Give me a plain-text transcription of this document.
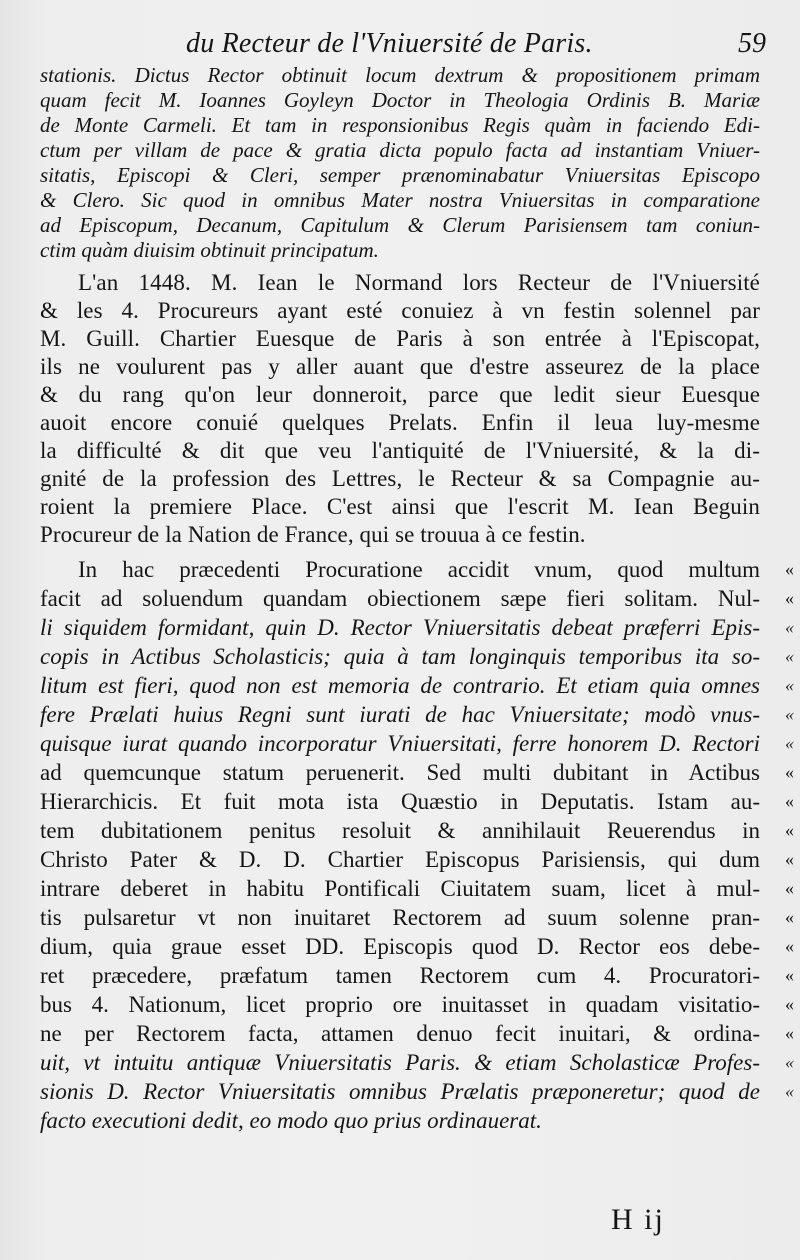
du Recteur de l'Vniuersité de Paris.	59
stationis. Dictus Rector obtinuit locum dextrum & propositionem primam
quam fecit M. Ioannes Goyleyn Doctor in Theologia Ordinis B. Mariæ
de Monte Carmeli. Et tam in responsionibus Regis quàm in faciendo Edi-
ctum per villam de pace & gratia dicta populo facta ad instantiam Vniuer-
sitatis, Episcopi & Cleri, semper prænominabatur Vniuersitas Episcopo
& Clero. Sic quod in omnibus Mater nostra Vniuersitas in comparatione
ad Episcopum, Decanum, Capitulum & Clerum Parisiensem tam coniun-
ctim quàm diuisim obtinuit principatum.
L'an 1448. M. Iean le Normand lors Recteur de l'Vniuersité
& les 4. Procureurs ayant esté conuiez à vn festin solennel par
M. Guill. Chartier Euesque de Paris à son entrée à l'Episcopat,
ils ne voulurent pas y aller auant que d'estre asseurez de la place
& du rang qu'on leur donneroit, parce que ledit sieur Euesque
auoit encore conuié quelques Prelats. Enfin il leua luy-mesme
la difficulté & dit que veu l'antiquité de l'Vniuersité, & la di-
gnité de la profession des Lettres, le Recteur & sa Compagnie au-
roient la premiere Place. C'est ainsi que l'escrit M. Iean Beguin
Procureur de la Nation de France, qui se trouua à ce festin.
In hac præcedenti Procuratione accidit vnum, quod multum «
facit ad soluendum quandam obiectionem sæpe fieri solitam. Nul- «
li siquidem formidant, quin D. Rector Vniuersitatis debeat præferri Epis- «
copis in Actibus Scholasticis; quia à tam longinquis temporibus ita so- «
litum est fieri, quod non est memoria de contrario. Et etiam quia omnes «
fere Prælati huius Regni sunt iurati de hac Vniuersitate; modò vnus- «
quisque iurat quando incorporatur Vniuersitati, ferre honorem D. Rectori «
ad quemcunque statum peruenerit. Sed multi dubitant in Actibus «
Hierarchicis. Et fuit mota ista Quæstio in Deputatis. Istam au- «
tem dubitationem penitus resoluit & annihilauit Reuerendus in «
Christo Pater & D. D. Chartier Episcopus Parisiensis, qui dum «
intrare deberet in habitu Pontificali Ciuitatem suam, licet à mul- «
tis pulsaretur vt non inuitaret Rectorem ad suum solenne pran- «
dium, quia graue esset DD. Episcopis quod D. Rector eos debe- «
ret præcedere, præfatum tamen Rectorem cum 4. Procuratori- «
bus 4. Nationum, licet proprio ore inuitasset in quadam visitatio- «
ne per Rectorem facta, attamen denuo fecit inuitari, & ordina- «
uit, vt intuitu antiquæ Vniuersitatis Paris. & etiam Scholasticæ Profes- «
sionis D. Rector Vniuersitatis omnibus Prælatis præponeretur; quod de «
facto executioni dedit, eo modo quo prius ordinauerat.
H ij
